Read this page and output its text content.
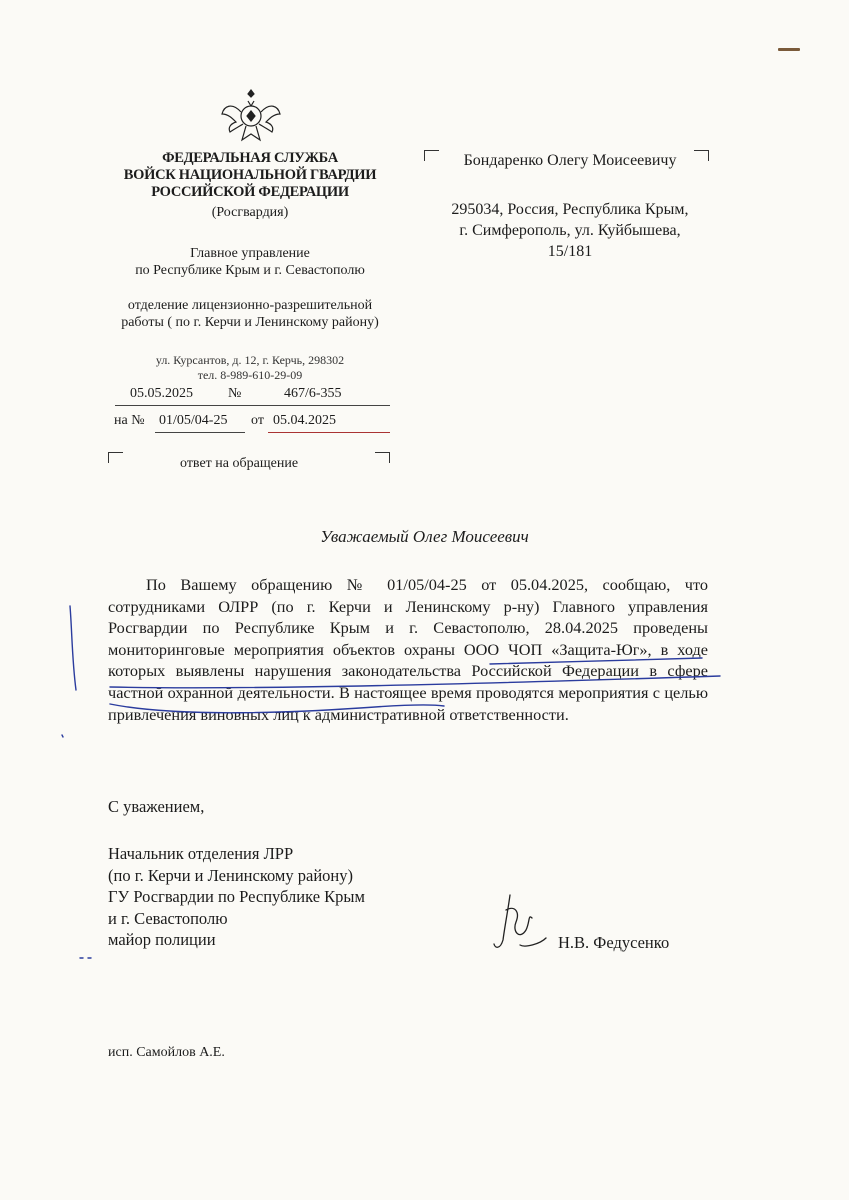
ФЕДЕРАЛЬНАЯ СЛУЖБА
ВОЙСК НАЦИОНАЛЬНОЙ ГВАРДИИ
РОССИЙСКОЙ ФЕДЕРАЦИИ
(Росгвардия)
Главное управление
по Республике Крым и г. Севастополю
отделение лицензионно-разрешительной
работы ( по г. Керчи и Ленинскому району)
ул. Курсантов, д. 12, г. Керчь, 298302
тел. 8-989-610-29-09
05.05.2025	№	467/6-355
на № 01/05/04-25 от 05.04.2025
ответ на обращение
Бондаренко Олегу Моисеевичу
295034, Россия, Республика Крым,
г. Симферополь, ул. Куйбышева,
15/181
Уважаемый Олег Моисеевич
По Вашему обращению № 01/05/04-25 от 05.04.2025, сообщаю, что сотрудниками ОЛРР (по г. Керчи и Ленинскому р-ну) Главного управления Росгвардии по Республике Крым и г. Севастополю, 28.04.2025 проведены мониторинговые мероприятия объектов охраны ООО ЧОП «Защита-Юг», в ходе которых выявлены нарушения законодательства Российской Федерации в сфере частной охранной деятельности. В настоящее время проводятся мероприятия с целью привлечения виновных лиц к административной ответственности.
С уважением,
Начальник отделения ЛРР
(по г. Керчи и Ленинскому району)
ГУ Росгвардии по Республике Крым
и г. Севастополю
майор полиции	Н.В. Федусенко
исп. Самойлов А.Е.
